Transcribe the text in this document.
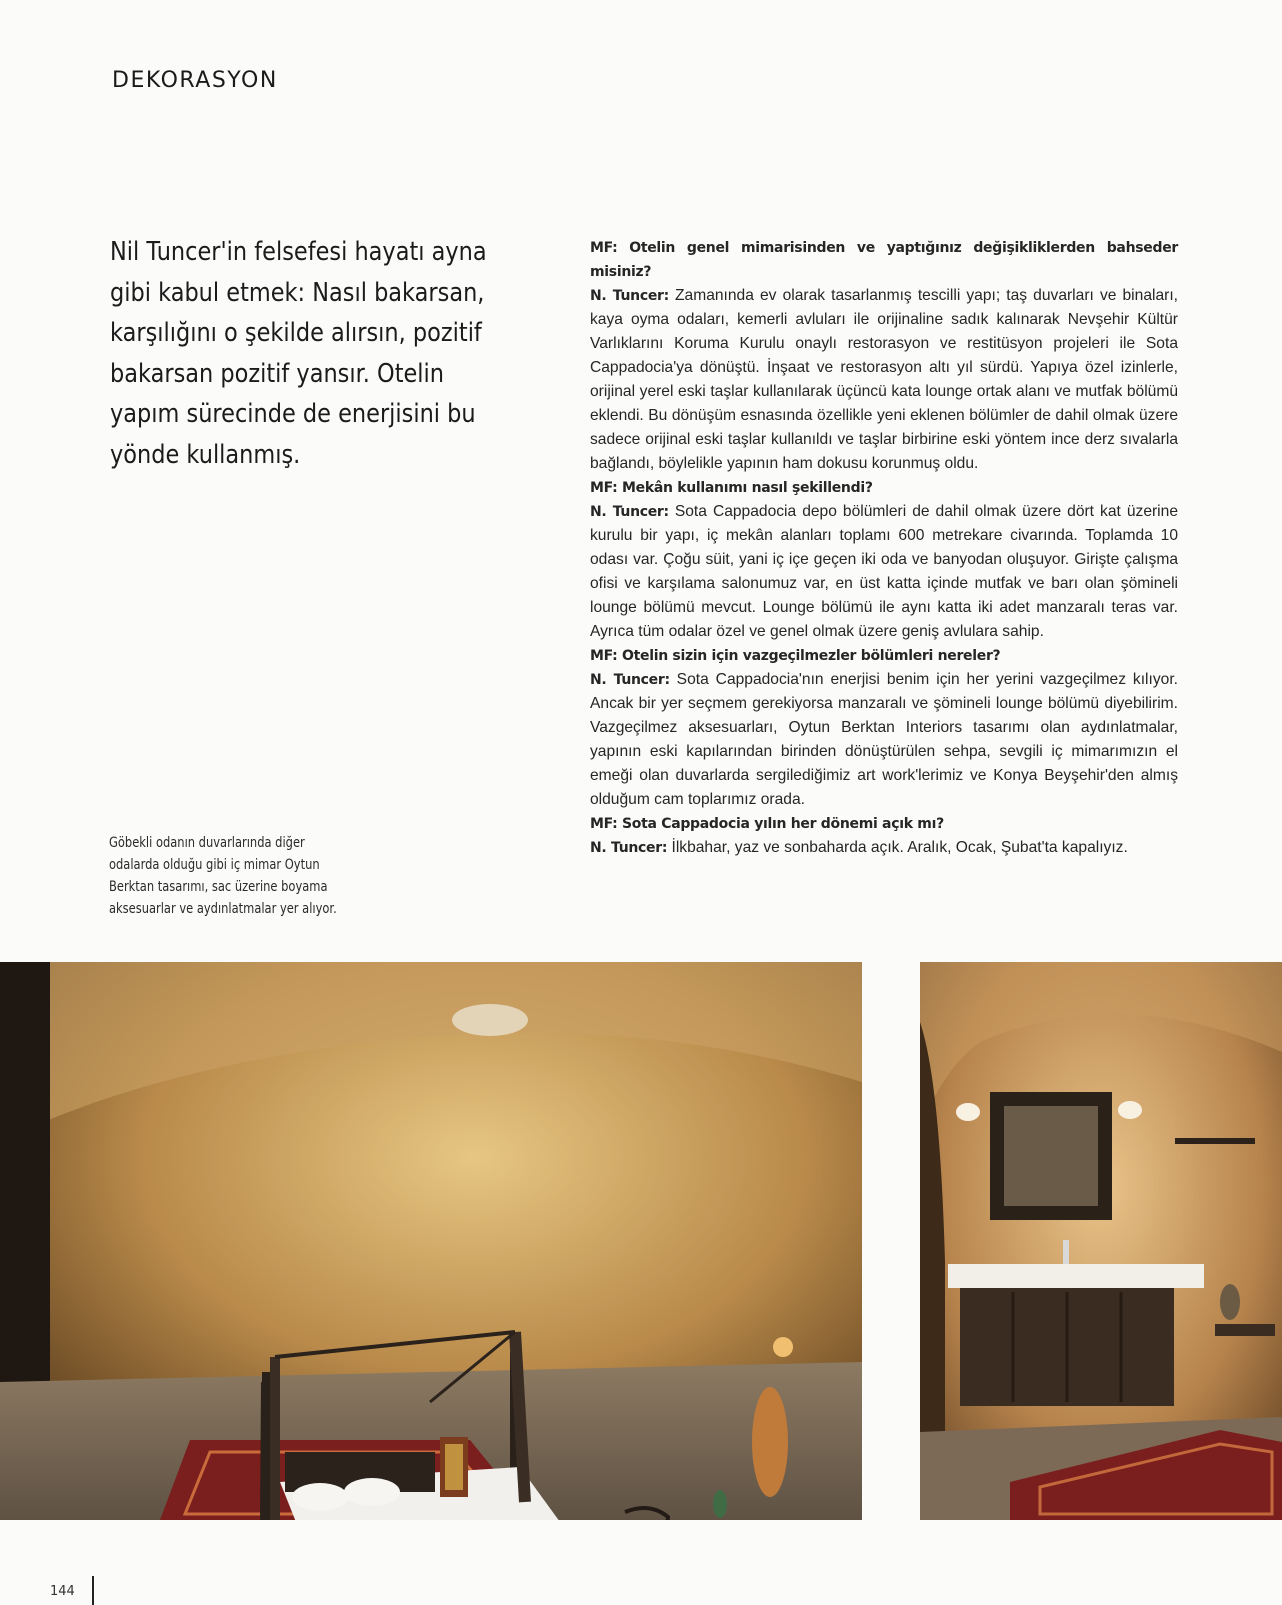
DEKORASYON
Nil Tuncer'in felsefesi hayatı ayna gibi kabul etmek: Nasıl bakarsan, karşılığını o şekilde alırsın, pozitif bakarsan pozitif yansır. Otelin yapım sürecinde de enerjisini bu yönde kullanmış.
Göbekli odanın duvarlarında diğer odalarda olduğu gibi iç mimar Oytun Berktan tasarımı, sac üzerine boyama aksesuarlar ve aydınlatmalar yer alıyor.

MF: Otelin genel mimarisinden ve yaptığınız değişikliklerden bahseder misiniz?

N. Tuncer: Zamanında ev olarak tasarlanmış tescilli yapı; taş duvarları ve binaları, kaya oyma odaları, kemerli avluları ile orijinaline sadık kalınarak Nevşehir Kültür Varlıklarını Koruma Kurulu onaylı restorasyon ve restitüsyon projeleri ile Sota Cappadocia'ya dönüştü. İnşaat ve restorasyon altı yıl sürdü. Yapıya özel izinlerle, orijinal yerel eski taşlar kullanılarak üçüncü kata lounge ortak alanı ve mutfak bölümü eklendi. Bu dönüşüm esnasında özellikle yeni eklenen bölümler de dahil olmak üzere sadece orijinal eski taşlar kullanıldı ve taşlar birbirine eski yöntem ince derz sıvalarla bağlandı, böylelikle yapının ham dokusu korunmuş oldu.

MF: Mekân kullanımı nasıl şekillendi?

N. Tuncer: Sota Cappadocia depo bölümleri de dahil olmak üzere dört kat üzerine kurulu bir yapı, iç mekân alanları toplamı 600 metrekare civarında. Toplamda 10 odası var. Çoğu süit, yani iç içe geçen iki oda ve banyodan oluşuyor. Girişte çalışma ofisi ve karşılama salonumuz var, en üst katta içinde mutfak ve barı olan şömineli lounge bölümü mevcut. Lounge bölümü ile aynı katta iki adet manzaralı teras var. Ayrıca tüm odalar özel ve genel olmak üzere geniş avlulara sahip.

MF: Otelin sizin için vazgeçilmezler bölümleri nereler?

N. Tuncer: Sota Cappadocia'nın enerjisi benim için her yerini vazgeçilmez kılıyor. Ancak bir yer seçmem gerekiyorsa manzaralı ve şömineli lounge bölümü diyebilirim. Vazgeçilmez aksesuarları, Oytun Berktan Interiors tasarımı olan aydınlatmalar, yapının eski kapılarından birinden dönüştürülen sehpa, sevgili iç mimarımızın el emeği olan duvarlarda sergilediğimiz art work'lerimiz ve Konya Beyşehir'den almış olduğum cam toplarımız orada.

MF: Sota Cappadocia yılın her dönemi açık mı?

N. Tuncer: İlkbahar, yaz ve sonbaharda açık. Aralık, Ocak, Şubat'ta kapalıyız.

144
